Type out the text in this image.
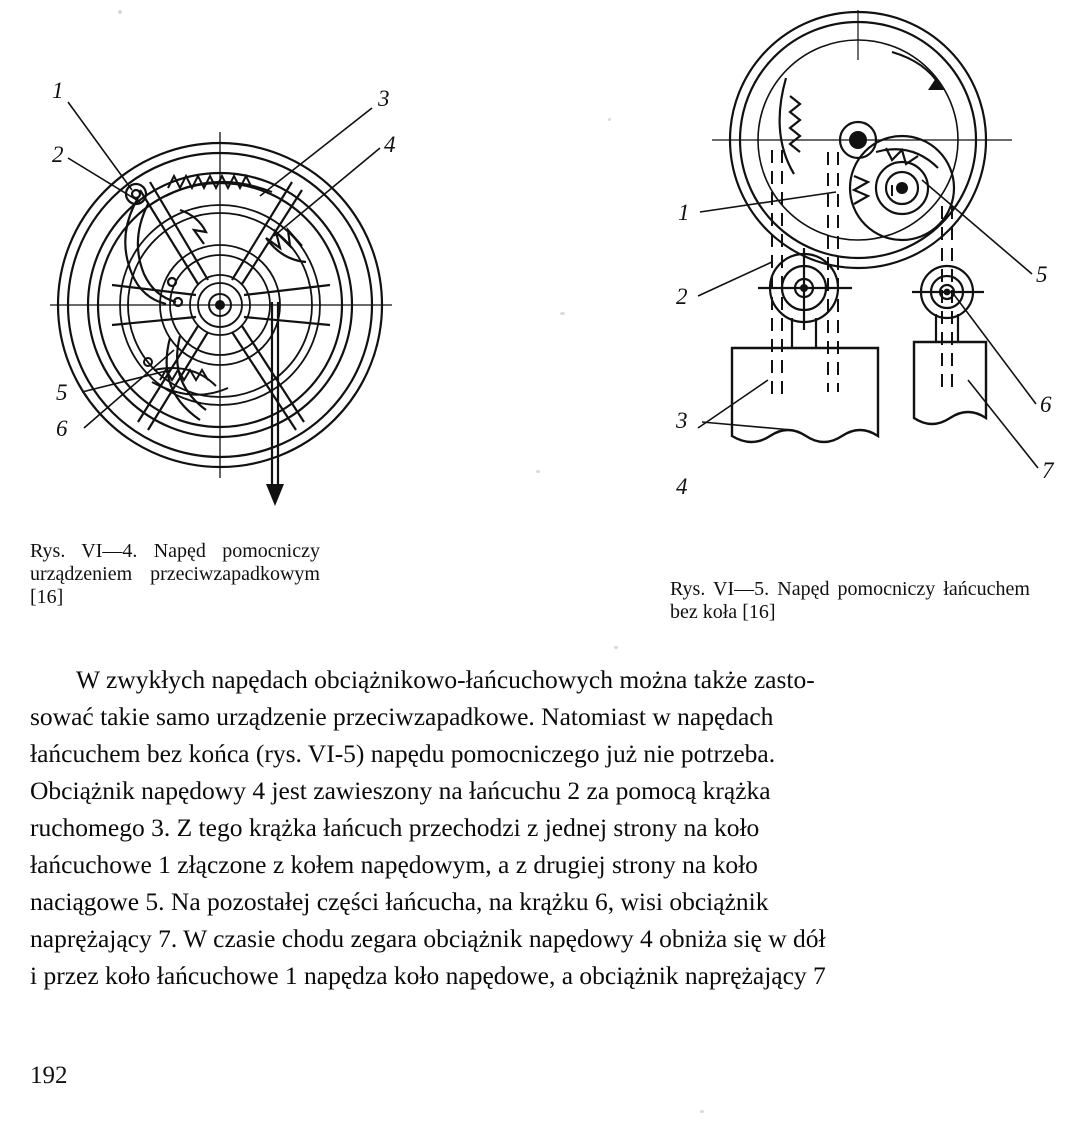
1
2
3
4
5
6
1
2
3
4
5
6
7
Rys. VI—4. Napęd pomocniczy urządzeniem przeciwzapadkowym [16]	Rys. VI—5. Napęd pomocniczy łańcuchem bez koła [16]

W zwykłych napędach obciążnikowo-łańcuchowych można także zasto-

sować takie samo urządzenie przeciwzapadkowe. Natomiast w napędach

łańcuchem bez końca (rys. VI-5) napędu pomocniczego już nie potrzeba.

Obciążnik napędowy 4 jest zawieszony na łańcuchu 2 za pomocą krążka

ruchomego 3. Z tego krążka łańcuch przechodzi z jednej strony na koło

łańcuchowe 1 złączone z kołem napędowym, a z drugiej strony na koło

naciągowe 5. Na pozostałej części łańcucha, na krążku 6, wisi obciążnik

naprężający 7. W czasie chodu zegara obciążnik napędowy 4 obniża się w dół

i przez koło łańcuchowe 1 napędza koło napędowe, a obciążnik naprężający 7

192
